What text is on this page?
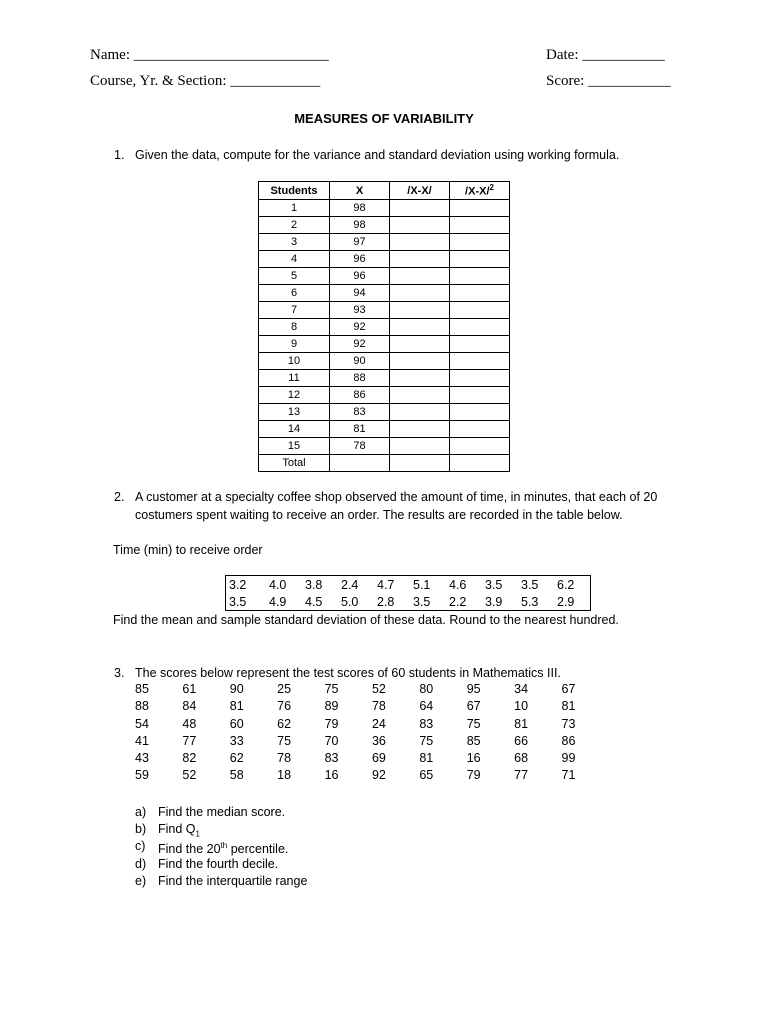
Name: __________________________	Date: ___________
Course, Yr. & Section: ____________	Score: ___________
MEASURES OF VARIABILITY
1. Given the data, compute for the variance and standard deviation using working formula.
Students	X	/X-X/	/X-X/$^2$
1	98		
2	98		
3	97		
4	96		
5	96		
6	94		
7	93		
8	92		
9	92		
10	90		
11	88		
12	86		
13	83		
14	81		
15	78		
Total			
2. A customer at a specialty coffee shop observed the amount of time, in minutes, that each of 20
costumers spent waiting to receive an order. The results are recorded in the table below.
Time (min) to receive order
3.2	4.0	3.8	2.4	4.7	5.1	4.6	3.5	3.5	6.2
3.5	4.9	4.5	5.0	2.8	3.5	2.2	3.9	5.3	2.9
Find the mean and sample standard deviation of these data. Round to the nearest hundred.
3. The scores below represent the test scores of 60 students in Mathematics III.
85	61	90	25	75	52	80	95	34	67
88	84	81	76	89	78	64	67	10	81
54	48	60	62	79	24	83	75	81	73
41	77	33	75	70	36	75	85	66	86
43	82	62	78	83	69	81	16	68	99
59	52	58	18	16	92	65	79	77	71
a) Find the median score.
b) Find $Q_1$
c) Find the 20th percentile.
d) Find the fourth decile.
e) Find the interquartile range
